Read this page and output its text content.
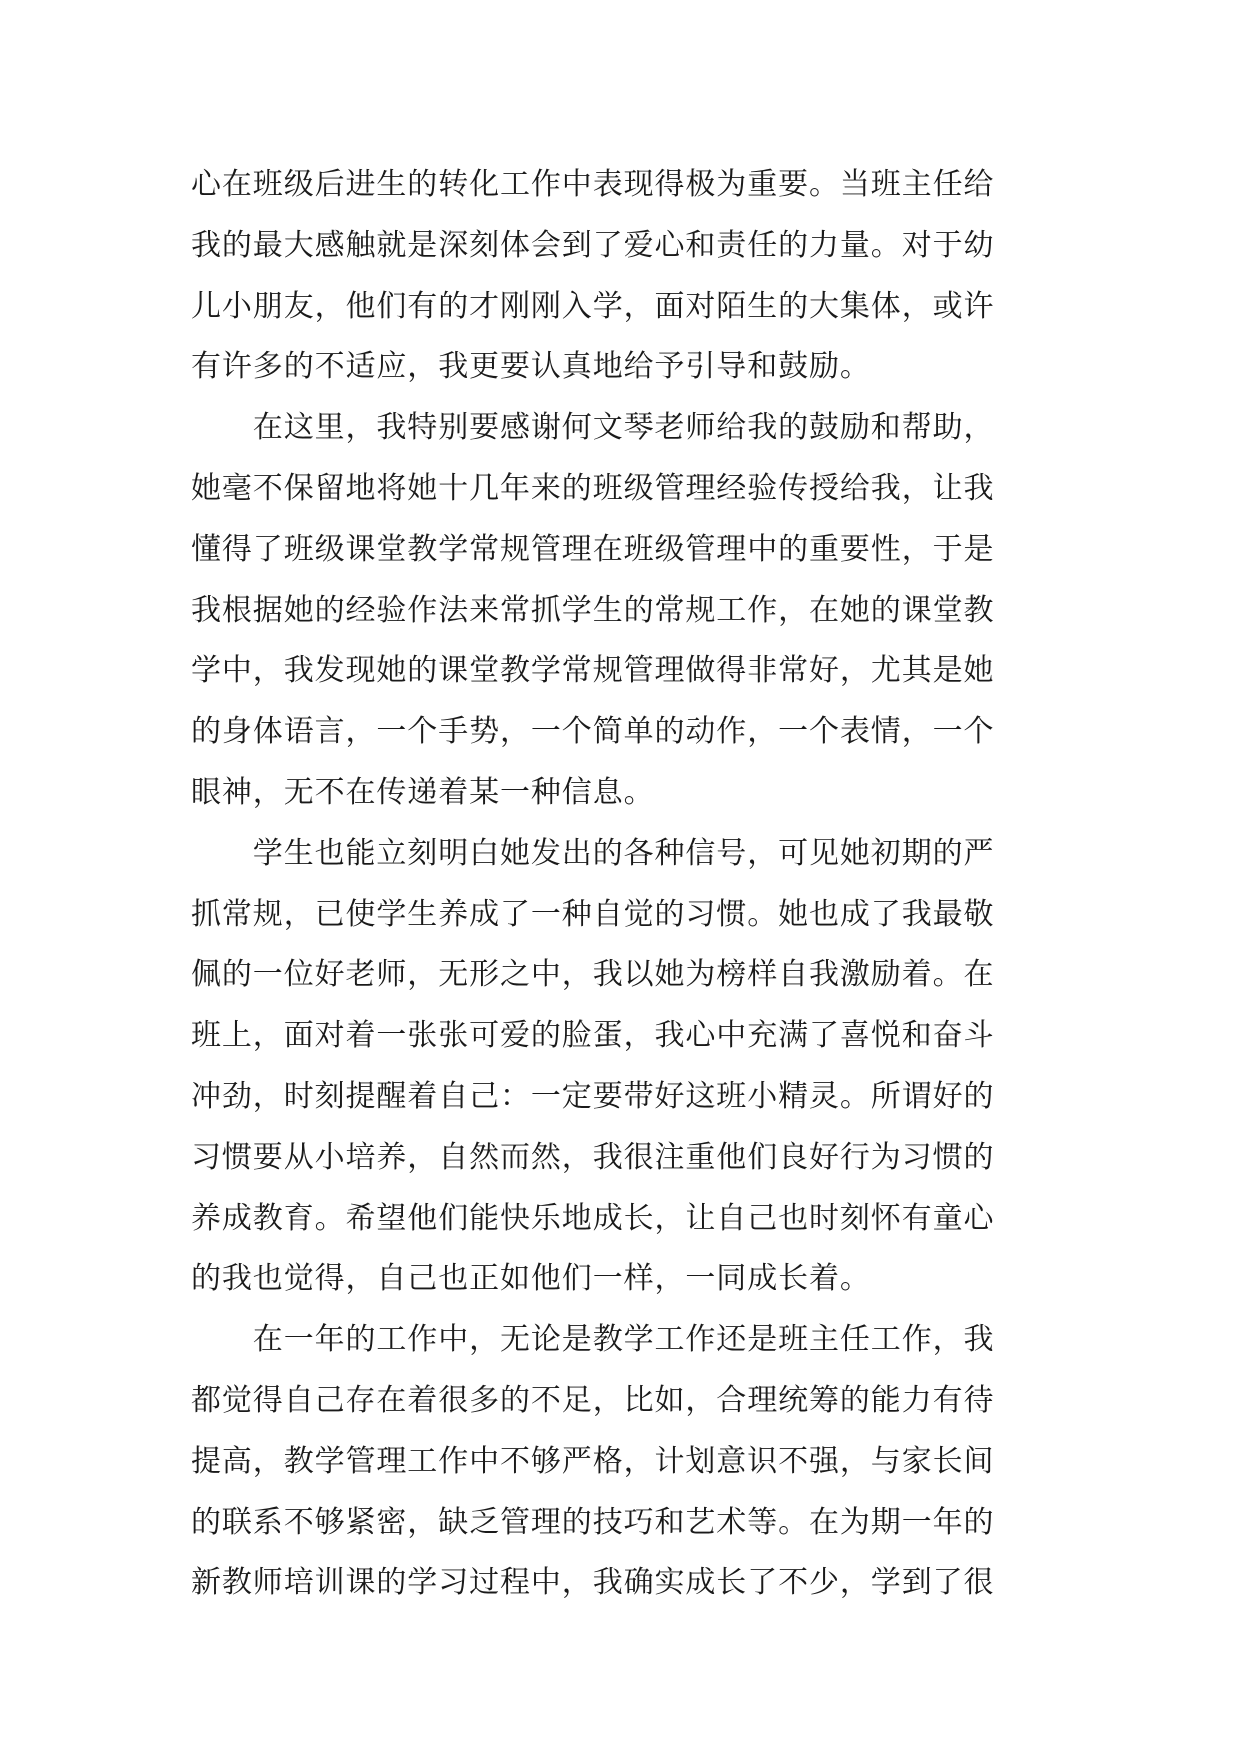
心在班级后进生的转化工作中表现得极为重要。当班主任给
我的最大感触就是深刻体会到了爱心和责任的力量。对于幼
儿小朋友，他们有的才刚刚入学，面对陌生的大集体，或许
有许多的不适应，我更要认真地给予引导和鼓励。
　　在这里，我特别要感谢何文琴老师给我的鼓励和帮助，
她毫不保留地将她十几年来的班级管理经验传授给我，让我
懂得了班级课堂教学常规管理在班级管理中的重要性，于是
我根据她的经验作法来常抓学生的常规工作，在她的课堂教
学中，我发现她的课堂教学常规管理做得非常好，尤其是她
的身体语言，一个手势，一个简单的动作，一个表情，一个
眼神，无不在传递着某一种信息。
　　学生也能立刻明白她发出的各种信号，可见她初期的严
抓常规，已使学生养成了一种自觉的习惯。她也成了我最敬
佩的一位好老师，无形之中，我以她为榜样自我激励着。在
班上，面对着一张张可爱的脸蛋，我心中充满了喜悦和奋斗
冲劲，时刻提醒着自己：一定要带好这班小精灵。所谓好的
习惯要从小培养，自然而然，我很注重他们良好行为习惯的
养成教育。希望他们能快乐地成长，让自己也时刻怀有童心
的我也觉得，自己也正如他们一样，一同成长着。
　　在一年的工作中，无论是教学工作还是班主任工作，我
都觉得自己存在着很多的不足，比如，合理统筹的能力有待
提高，教学管理工作中不够严格，计划意识不强，与家长间
的联系不够紧密，缺乏管理的技巧和艺术等。在为期一年的
新教师培训课的学习过程中，我确实成长了不少，学到了很
